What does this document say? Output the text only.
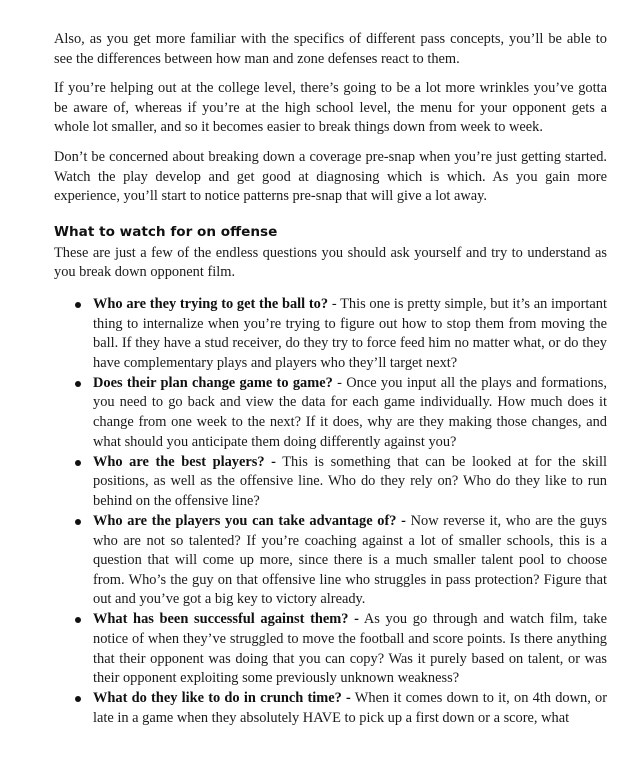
Also, as you get more familiar with the specifics of different pass concepts, you’ll be able to see the differences between how man and zone defenses react to them.

If you’re helping out at the college level, there’s going to be a lot more wrinkles you’ve gotta be aware of, whereas if you’re at the high school level, the menu for your opponent gets a whole lot smaller, and so it becomes easier to break things down from week to week.

Don’t be concerned about breaking down a coverage pre-snap when you’re just getting started. Watch the play develop and get good at diagnosing which is which. As you gain more experience, you’ll start to notice patterns pre-snap that will give a lot away.

What to watch for on offense

These are just a few of the endless questions you should ask yourself and try to understand as you break down opponent film.

Who are they trying to get the ball to? - This one is pretty simple, but it’s an important thing to internalize when you’re trying to figure out how to stop them from moving the ball. If they have a stud receiver, do they try to force feed him no matter what, or do they have complementary plays and players who they’ll target next?
Does their plan change game to game? - Once you input all the plays and formations, you need to go back and view the data for each game individually. How much does it change from one week to the next? If it does, why are they making those changes, and what should you anticipate them doing differently against you?
Who are the best players? - This is something that can be looked at for the skill positions, as well as the offensive line. Who do they rely on? Who do they like to run behind on the offensive line?
Who are the players you can take advantage of? - Now reverse it, who are the guys who are not so talented? If you’re coaching against a lot of smaller schools, this is a question that will come up more, since there is a much smaller talent pool to choose from. Who’s the guy on that offensive line who struggles in pass protection? Figure that out and you’ve got a big key to victory already.
What has been successful against them? - As you go through and watch film, take notice of when they’ve struggled to move the football and score points. Is there anything that their opponent was doing that you can copy? Was it purely based on talent, or was their opponent exploiting some previously unknown weakness?
What do they like to do in crunch time? - When it comes down to it, on 4th down, or late in a game when they absolutely HAVE to pick up a first down or a score, what
